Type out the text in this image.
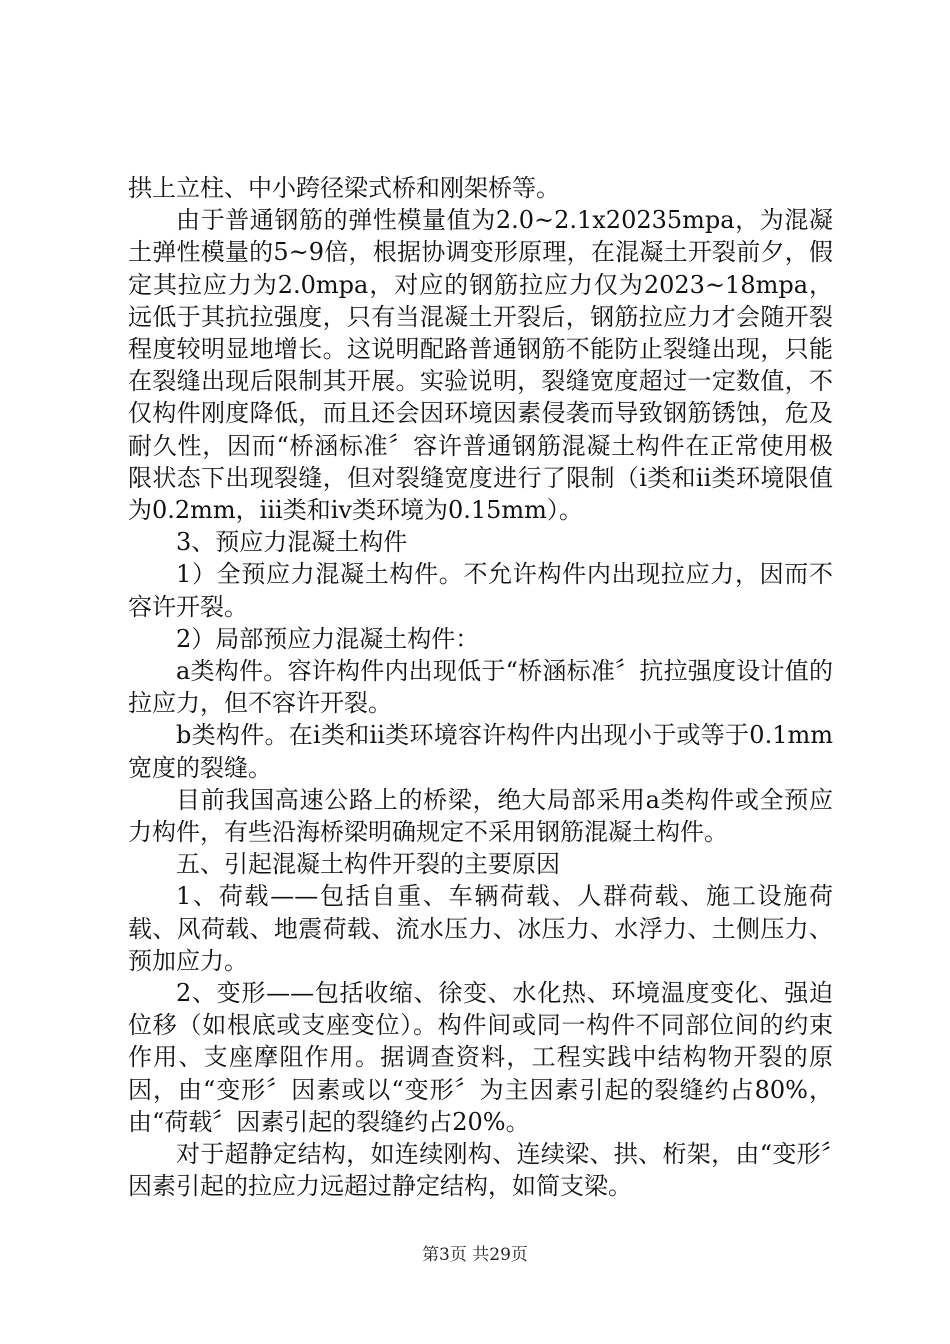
拱上立柱、中小跨径梁式桥和刚架桥等。

由于普通钢筋的弹性模量值为2.0~2.1x20235mpa，为混凝土弹性模量的5~9倍，根据协调变形原理，在混凝土开裂前夕，假定其拉应力为2.0mpa，对应的钢筋拉应力仅为2023~18mpa，远低于其抗拉强度，只有当混凝土开裂后，钢筋拉应力才会随开裂程度较明显地增长。这说明配路普通钢筋不能防止裂缝出现，只能在裂缝出现后限制其开展。实验说明，裂缝宽度超过一定数值，不仅构件刚度降低，而且还会因环境因素侵袭而导致钢筋锈蚀，危及耐久性，因而“桥涵标准〞容许普通钢筋混凝土构件在正常使用极限状态下出现裂缝，但对裂缝宽度进行了限制（i类和ii类环境限值为0.2mm，iii类和iv类环境为0.15mm）。

3、预应力混凝土构件

1）全预应力混凝土构件。不允许构件内出现拉应力，因而不容许开裂。

2）局部预应力混凝土构件：

a类构件。容许构件内出现低于“桥涵标准〞抗拉强度设计值的拉应力，但不容许开裂。

b类构件。在i类和ii类环境容许构件内出现小于或等于0.1mm宽度的裂缝。

目前我国高速公路上的桥梁，绝大局部采用a类构件或全预应力构件，有些沿海桥梁明确规定不采用钢筋混凝土构件。

五、引起混凝土构件开裂的主要原因

1、荷载——包括自重、车辆荷载、人群荷载、施工设施荷载、风荷载、地震荷载、流水压力、冰压力、水浮力、土侧压力、预加应力。

2、变形——包括收缩、徐变、水化热、环境温度变化、强迫位移（如根底或支座变位）。构件间或同一构件不同部位间的约束作用、支座摩阻作用。据调查资料，工程实践中结构物开裂的原因，由“变形〞因素或以“变形〞为主因素引起的裂缝约占80%，由“荷载〞因素引起的裂缝约占20%。

对于超静定结构，如连续刚构、连续梁、拱、桁架，由“变形〞因素引起的拉应力远超过静定结构，如简支梁。

第3页 共29页
